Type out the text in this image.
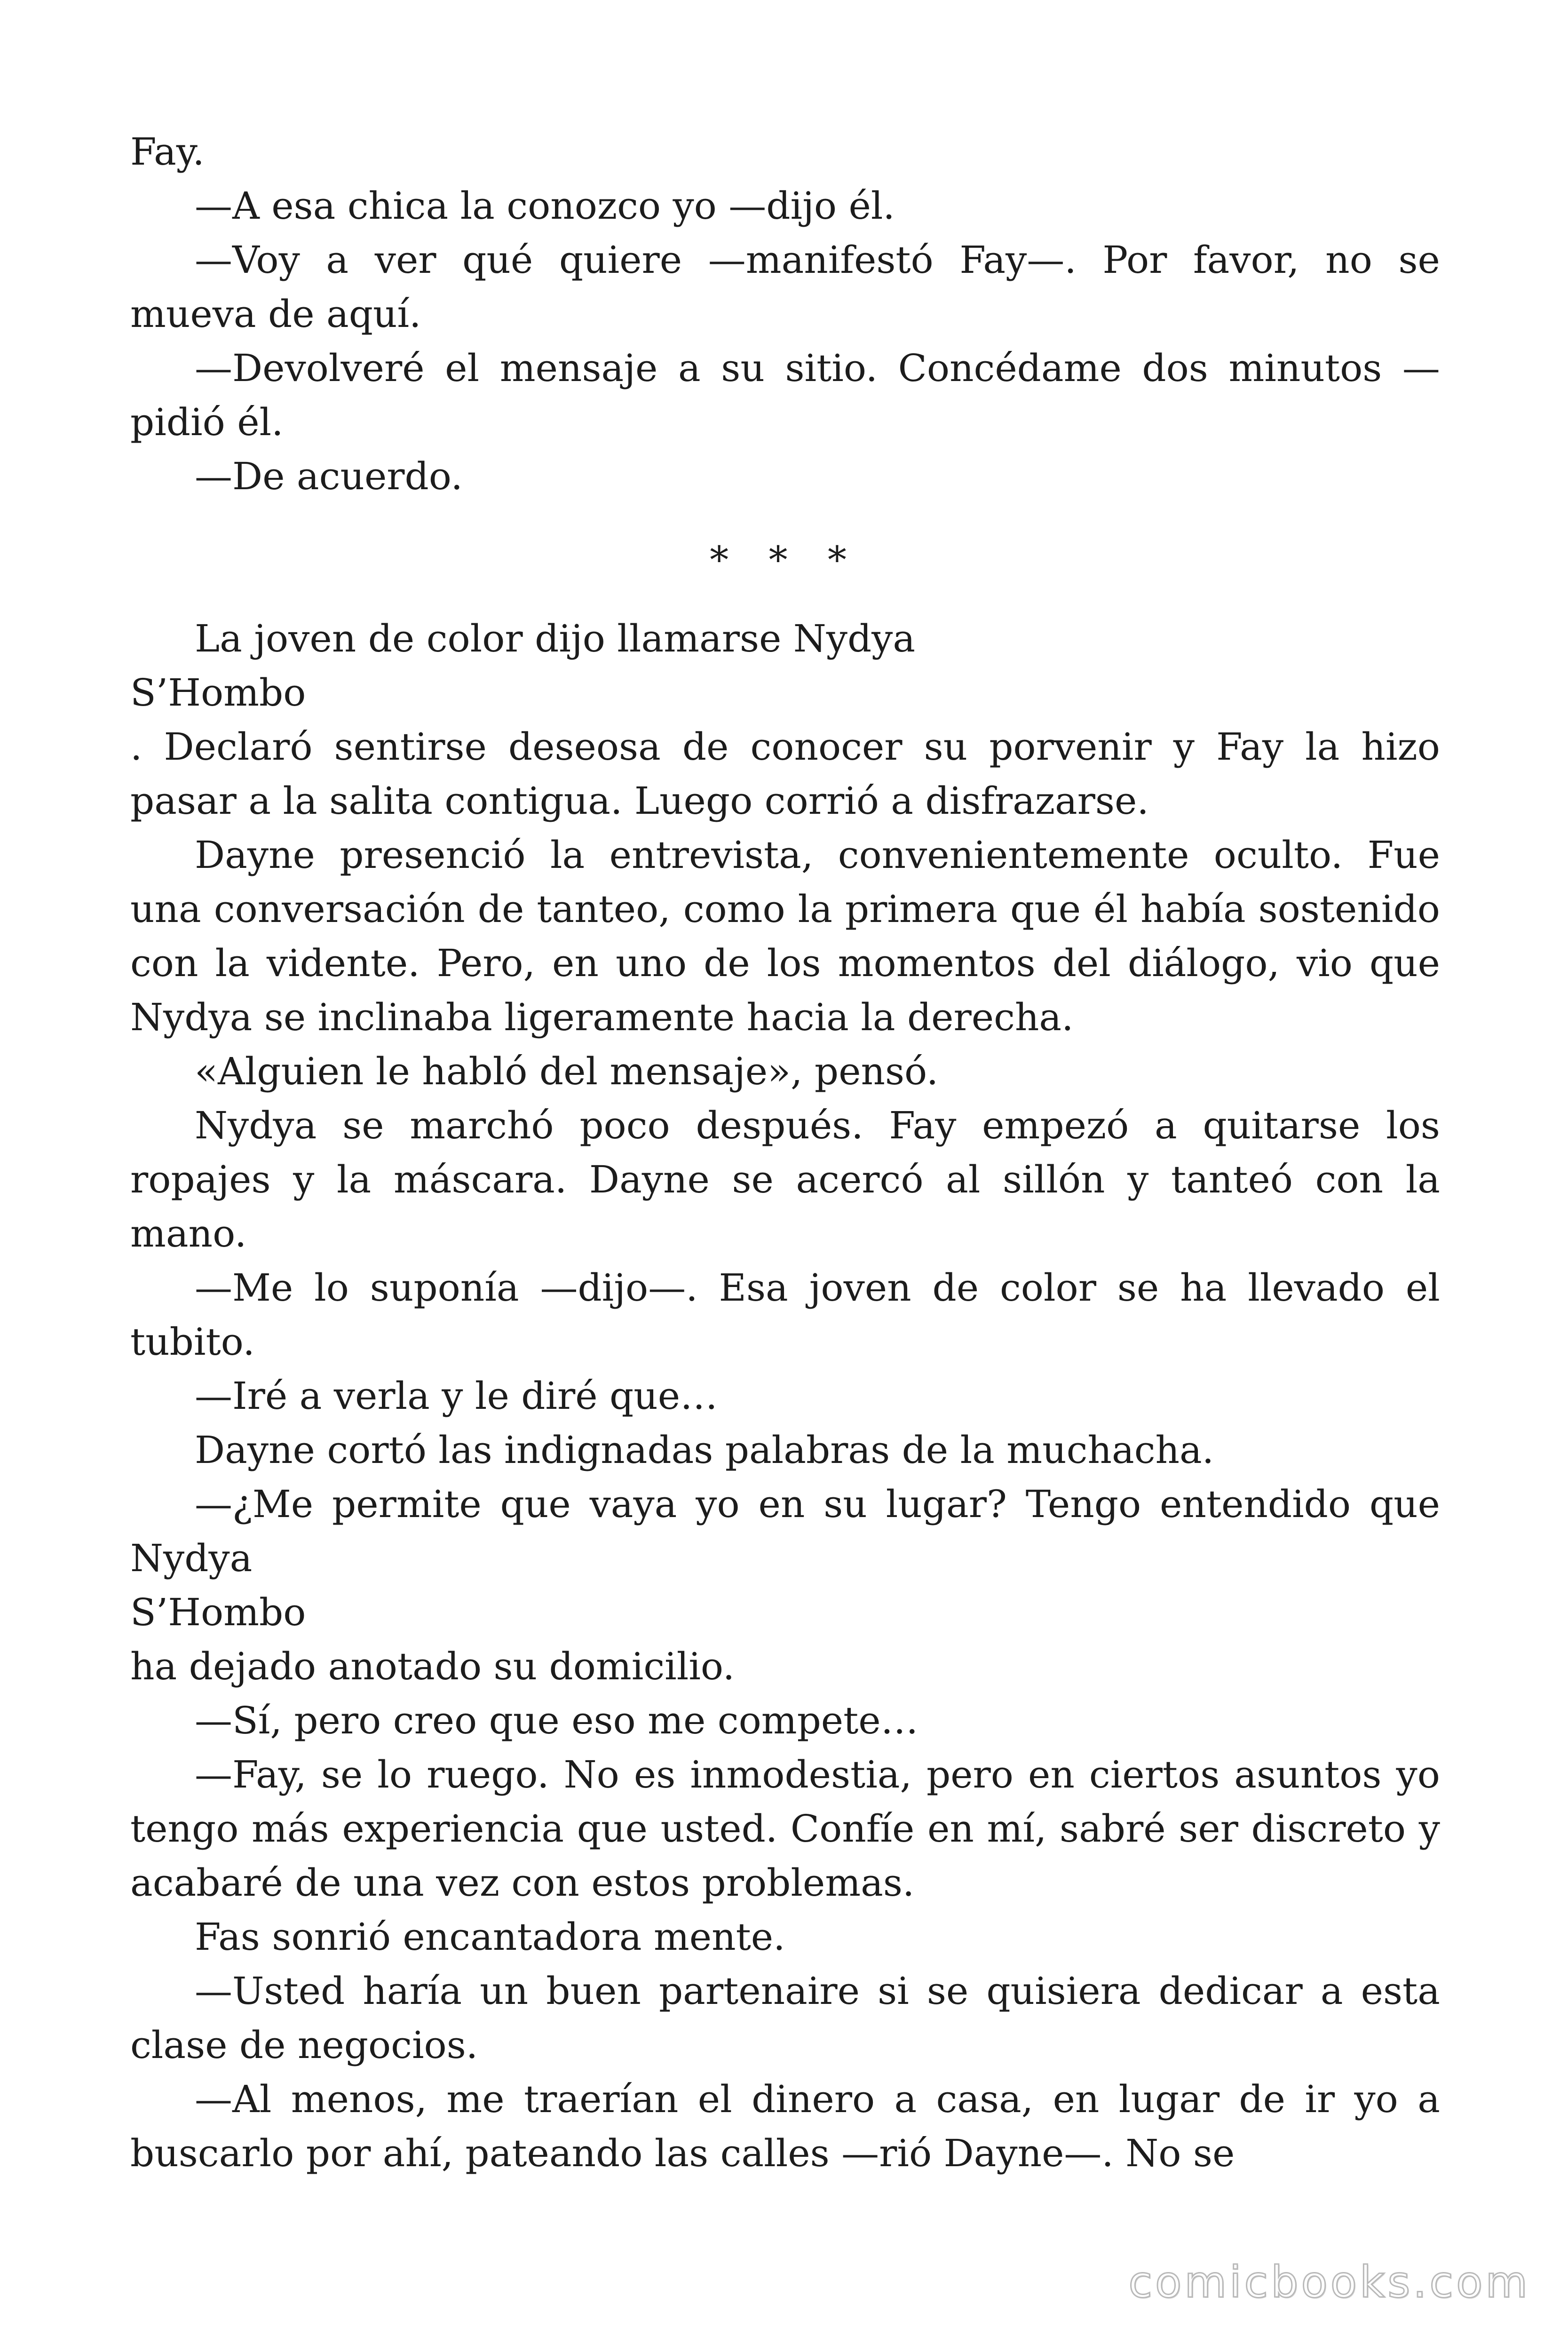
Fay.
—A esa chica la conozco yo —dijo él.
—Voy a ver qué quiere —manifestó Fay—. Por favor, no se
mueva de aquí.
—Devolveré el mensaje a su sitio. Concédame dos minutos —
pidió él.
—De acuerdo.
* * *
La joven de color dijo llamarse Nydya
S’Hombo
. Declaró sentirse deseosa de conocer su porvenir y Fay la hizo
pasar a la salita contigua. Luego corrió a disfrazarse.
Dayne presenció la entrevista, convenientemente oculto. Fue
una conversación de tanteo, como la primera que él había sostenido
con la vidente. Pero, en uno de los momentos del diálogo, vio que
Nydya se inclinaba ligeramente hacia la derecha.
«Alguien le habló del mensaje», pensó.
Nydya se marchó poco después. Fay empezó a quitarse los
ropajes y la máscara. Dayne se acercó al sillón y tanteó con la
mano.
—Me lo suponía —dijo—. Esa joven de color se ha llevado el
tubito.
—Iré a verla y le diré que…
Dayne cortó las indignadas palabras de la muchacha.
—¿Me permite que vaya yo en su lugar? Tengo entendido que
Nydya
S’Hombo
ha dejado anotado su domicilio.
—Sí, pero creo que eso me compete…
—Fay, se lo ruego. No es inmodestia, pero en ciertos asuntos yo
tengo más experiencia que usted. Confíe en mí, sabré ser discreto y
acabaré de una vez con estos problemas.
Fas sonrió encantadora mente.
—Usted haría un buen partenaire si se quisiera dedicar a esta
clase de negocios.
—Al menos, me traerían el dinero a casa, en lugar de ir yo a
buscarlo por ahí, pateando las calles —rió Dayne—. No se
comicbooks.com
